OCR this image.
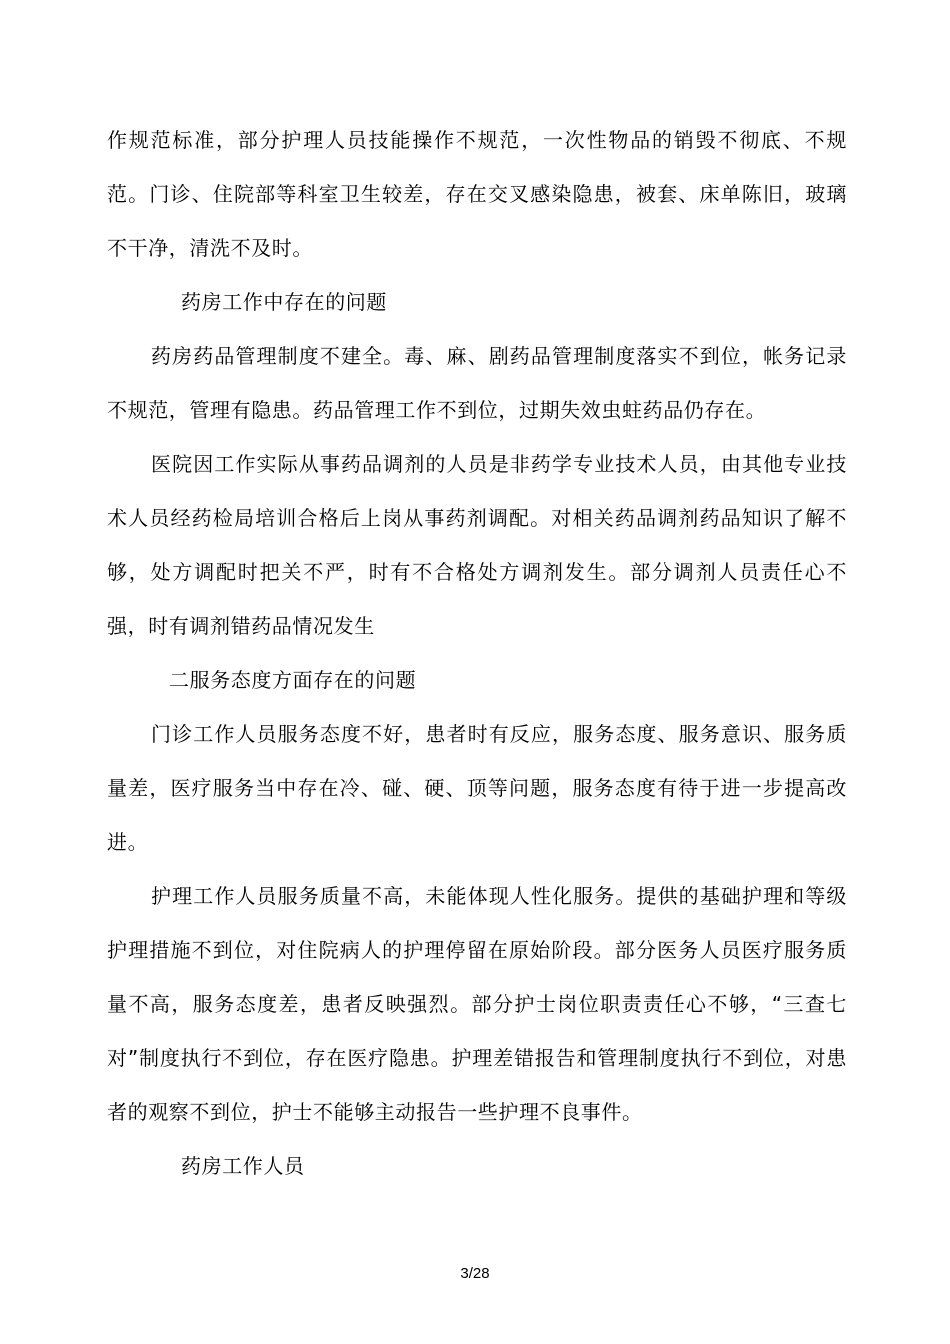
作规范标准，部分护理人员技能操作不规范，一次性物品的销毁不彻底、不规范。门诊、住院部等科室卫生较差，存在交叉感染隐患，被套、床单陈旧，玻璃不干净，清洗不及时。

药房工作中存在的问题

药房药品管理制度不建全。毒、麻、剧药品管理制度落实不到位，帐务记录不规范，管理有隐患。药品管理工作不到位，过期失效虫蛀药品仍存在。

医院因工作实际从事药品调剂的人员是非药学专业技术人员，由其他专业技术人员经药检局培训合格后上岗从事药剂调配。对相关药品调剂药品知识了解不够，处方调配时把关不严，时有不合格处方调剂发生。部分调剂人员责任心不强，时有调剂错药品情况发生

二服务态度方面存在的问题

门诊工作人员服务态度不好，患者时有反应，服务态度、服务意识、服务质量差，医疗服务当中存在冷、碰、硬、顶等问题，服务态度有待于进一步提高改进。

护理工作人员服务质量不高，未能体现人性化服务。提供的基础护理和等级护理措施不到位，对住院病人的护理停留在原始阶段。部分医务人员医疗服务质量不高，服务态度差，患者反映强烈。部分护士岗位职责责任心不够，“三查七对”制度执行不到位，存在医疗隐患。护理差错报告和管理制度执行不到位，对患者的观察不到位，护士不能够主动报告一些护理不良事件。

药房工作人员

3/28
